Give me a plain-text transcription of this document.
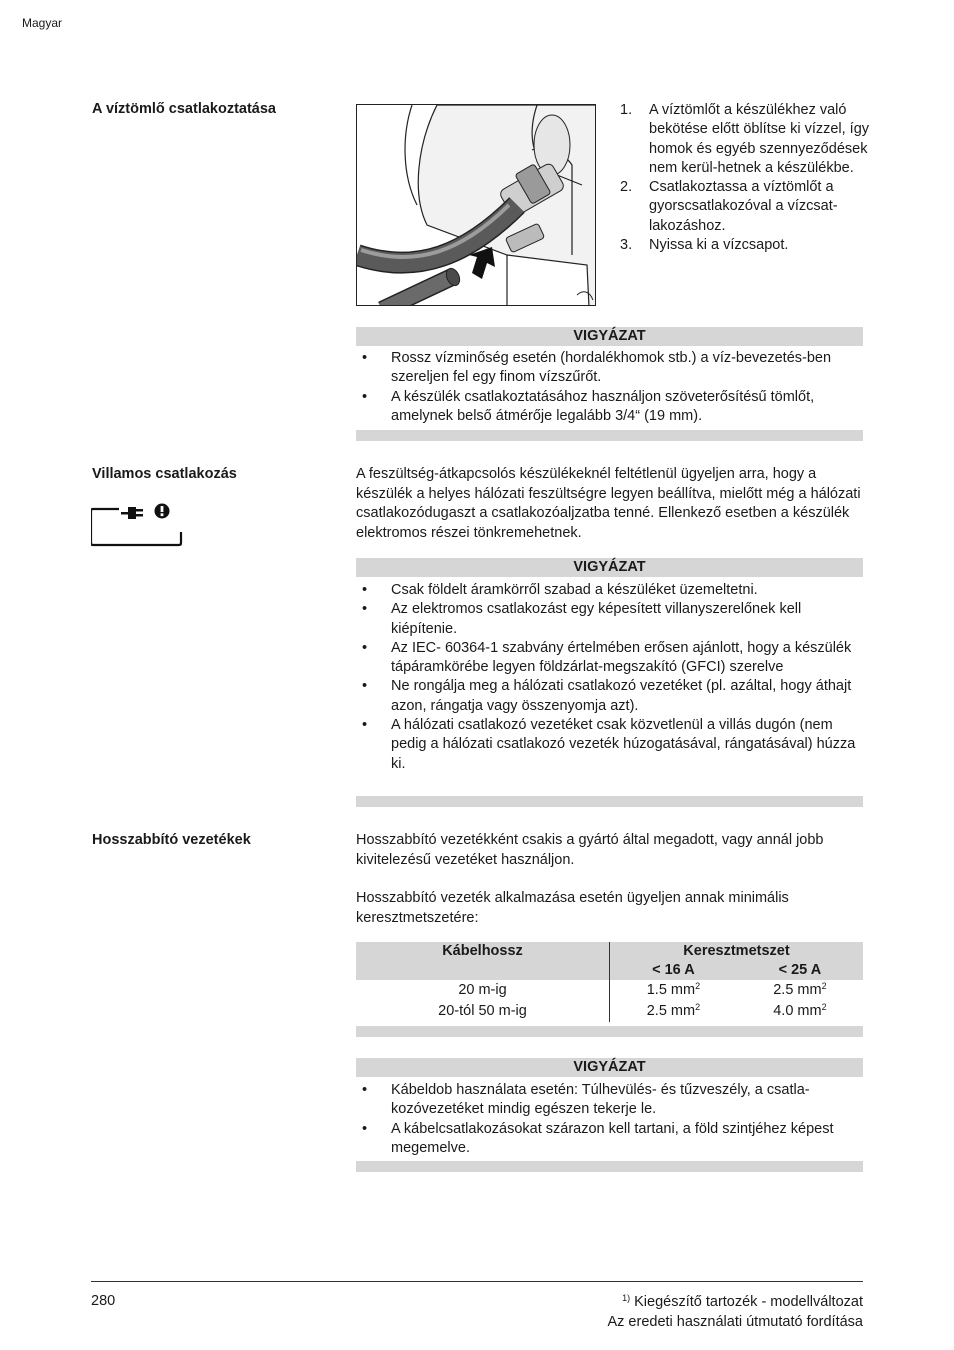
Magyar
A víztömlő csatlakoztatása	1. A víztömlőt a készülékhez való bekötése előtt öblítse ki vízzel, így homok és egyéb szennyeződések nem kerül-hetnek a készülékbe.
2. Csatlakoztassa a víztömlőt a gyorscsatlakozóval a vízcsat-lakozáshoz.
3. Nyissa ki a vízcsapot.
VIGYÁZAT
• Rossz vízminőség esetén (hordalékhomok stb.) a víz-bevezetés-ben szereljen fel egy finom vízszűrőt.
• A készülék csatlakoztatásához használjon szöveterősítésű tömlőt, amelynek belső átmérője legalább 3/4“ (19 mm).
Villamos csatlakozás	A feszültség-átkapcsolós készülékeknél feltétlenül ügyeljen arra, hogy a készülék a helyes hálózati feszültségre legyen beállítva, mielőtt még a hálózati csatlakozódugaszt a csatlakozóaljzatba tenné. Ellenkező esetben a készülék elektromos részei tönkremehetnek.
VIGYÁZAT
• Csak földelt áramkörről szabad a készüléket üzemeltetni.
• Az elektromos csatlakozást egy képesített villanyszerelőnek kell kiépítenie.
• Az IEC- 60364-1 szabvány értelmében erősen ajánlott, hogy a készülék tápáramkörébe legyen földzárlat-megszakító (GFCI) szerelve
• Ne rongálja meg a hálózati csatlakozó vezetéket (pl. azáltal, hogy áthajt azon, rángatja vagy összenyomja azt).
• A hálózati csatlakozó vezetéket csak közvetlenül a villás dugón (nem pedig a hálózati csatlakozó vezeték húzogatásával, rángatásával) húzza ki.
Hosszabbító vezetékek	Hosszabbító vezetékként csakis a gyártó által megadott, vagy annál jobb kivitelezésű vezetéket használjon.
Hosszabbító vezeték alkalmazása esetén ügyeljen annak minimális keresztmetszetére:
Kábelhossz	Keresztmetszet	
	< 16 A	< 25 A
20 m-ig	1.5 $mm^2$	2.5 $mm^2$
20-tól 50 m-ig	2.5 $mm^2$	4.0 $mm^2$
VIGYÁZAT
• Kábeldob használata esetén: Túlhevülés- és tűzveszély, a csatla-kozóvezetéket mindig egészen tekerje le.
• A kábelcsatlakozásokat szárazon kell tartani, a föld szintjéhez képest megemelve.
280	$^{1)}$ Kiegészítő tartozék - modellváltozat
Az eredeti használati útmutató fordítása
